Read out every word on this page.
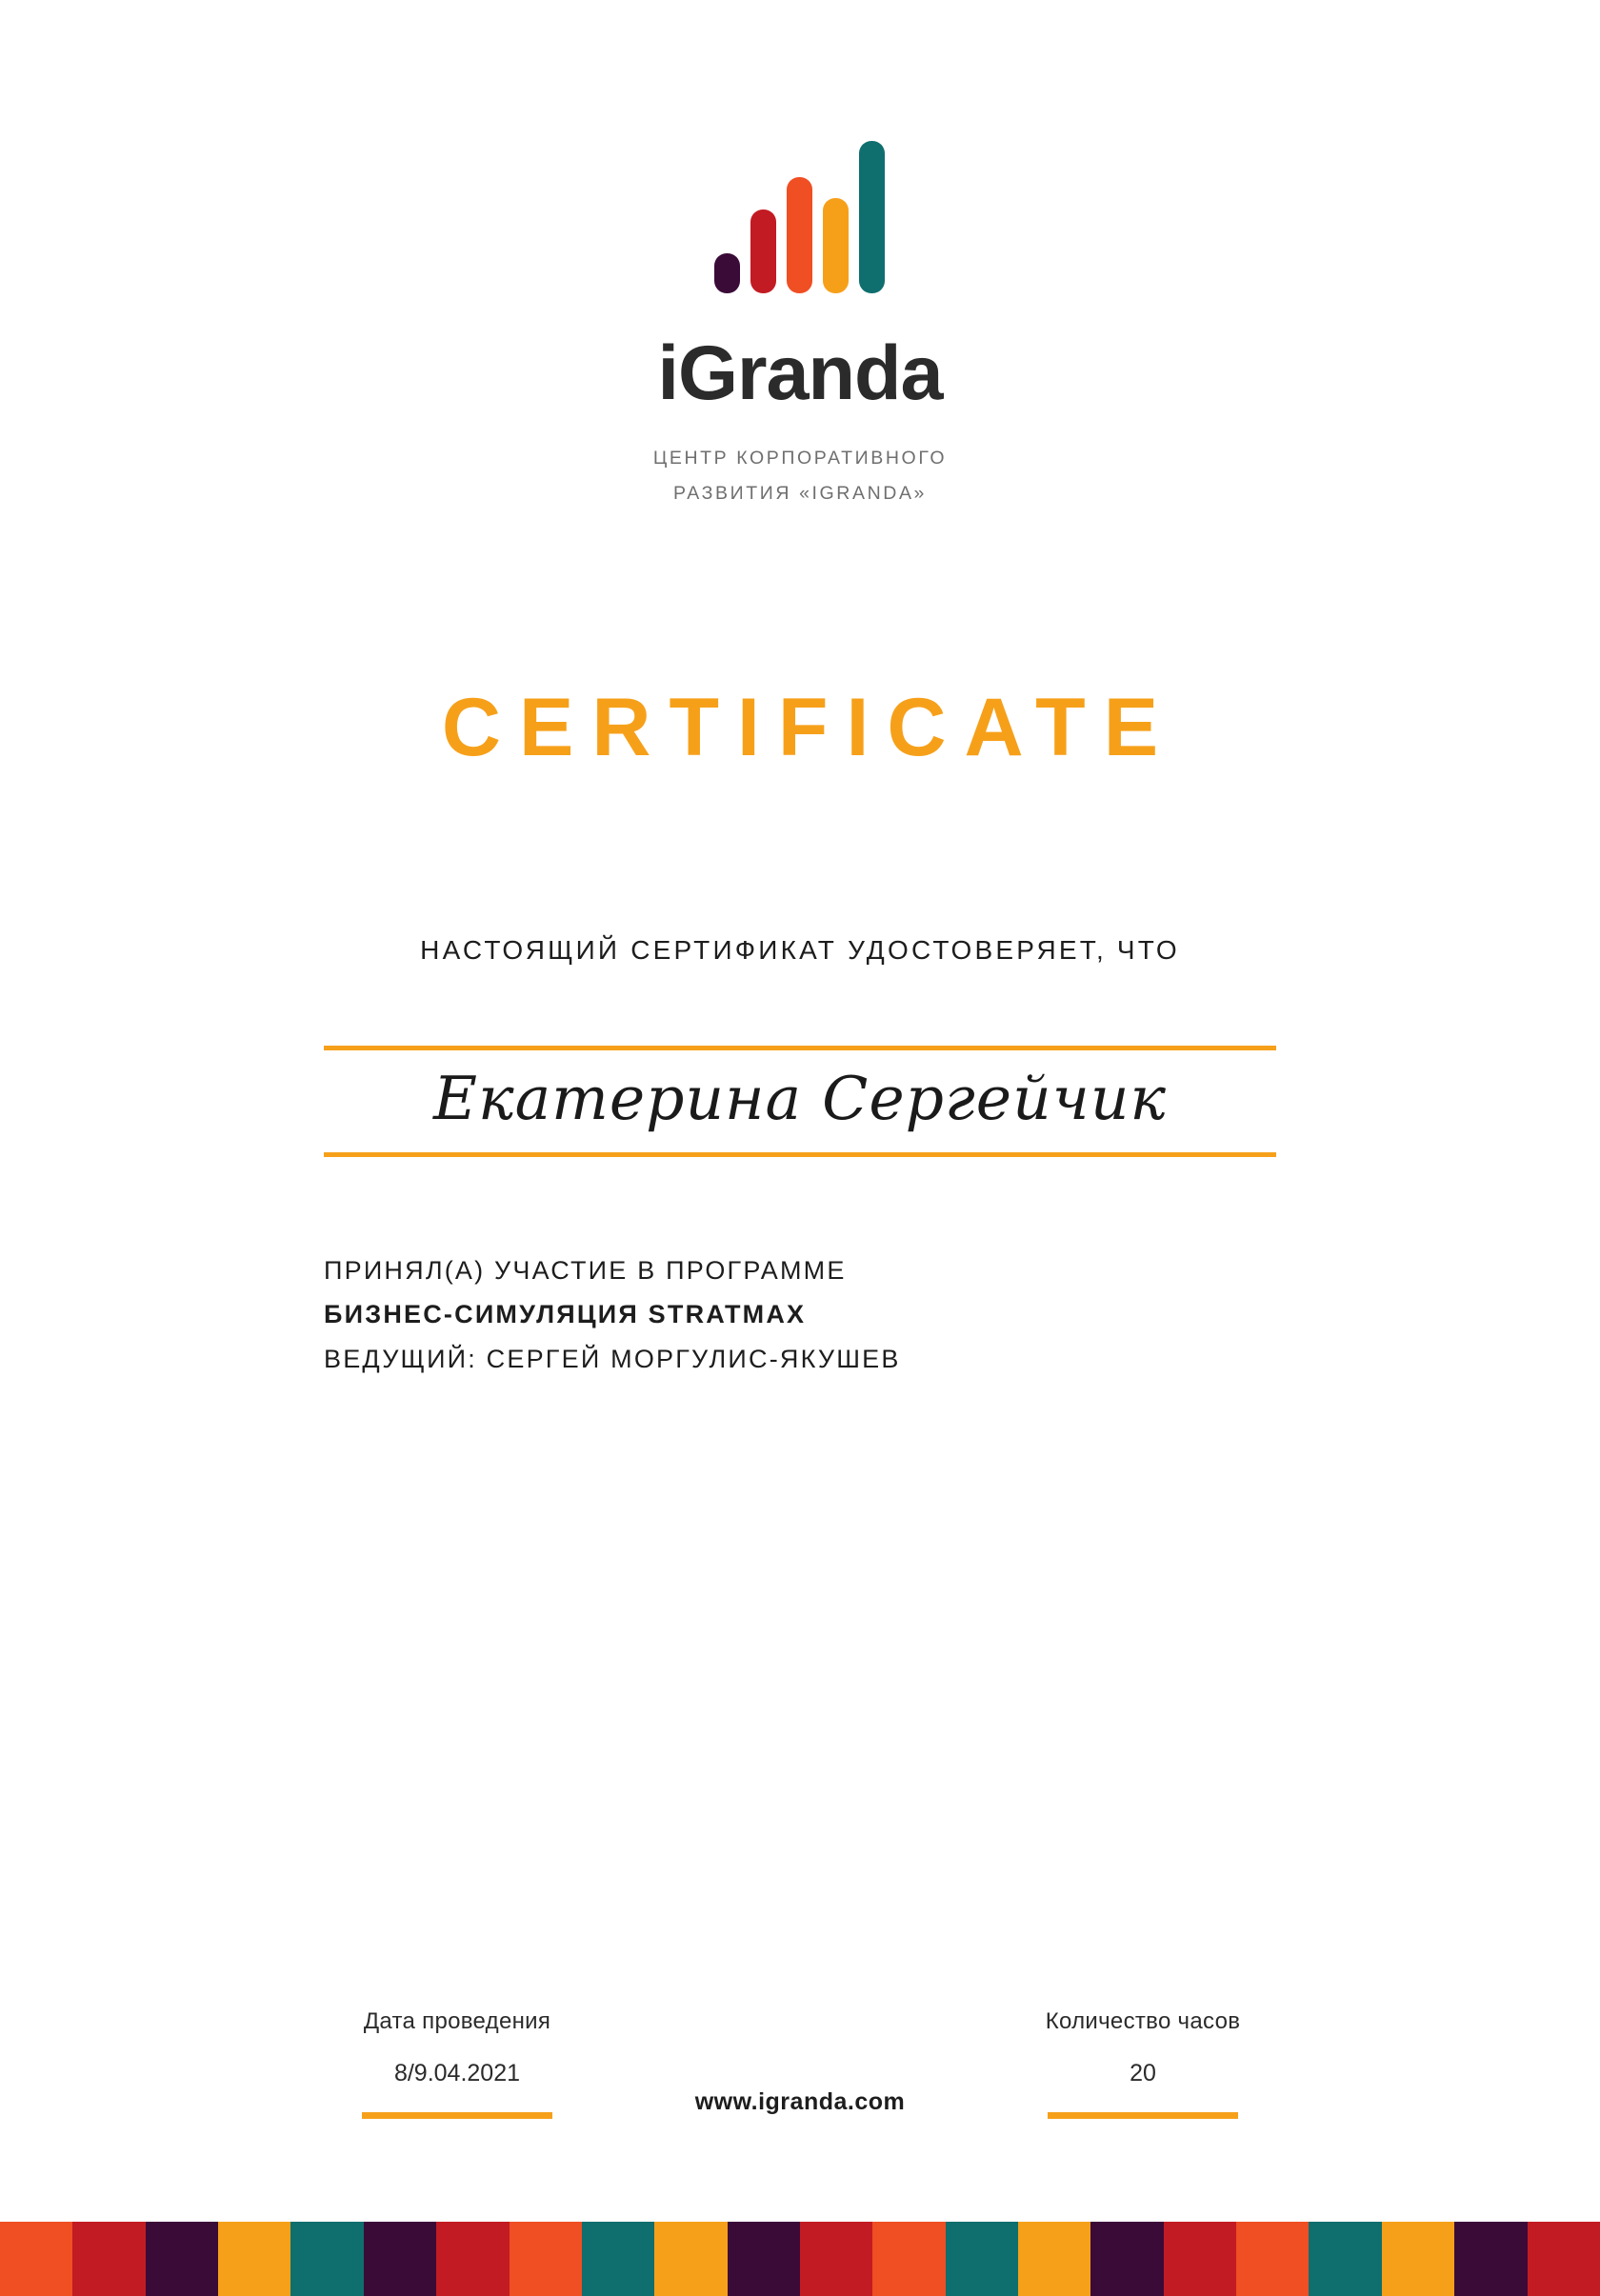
iGranda
ЦЕНТР КОРПОРАТИВНОГО
РАЗВИТИЯ «IGRANDA»
CERTIFICATE
НАСТОЯЩИЙ СЕРТИФИКАТ УДОСТОВЕРЯЕТ, ЧТО
Екатерина Сергейчик
ПРИНЯЛ(А) УЧАСТИЕ В ПРОГРАММЕ
БИЗНЕС-СИМУЛЯЦИЯ STRATMAX
ВЕДУЩИЙ: СЕРГЕЙ МОРГУЛИС-ЯКУШЕВ
Дата проведения
8/9.04.2021
Количество часов
20
www.igranda.com
